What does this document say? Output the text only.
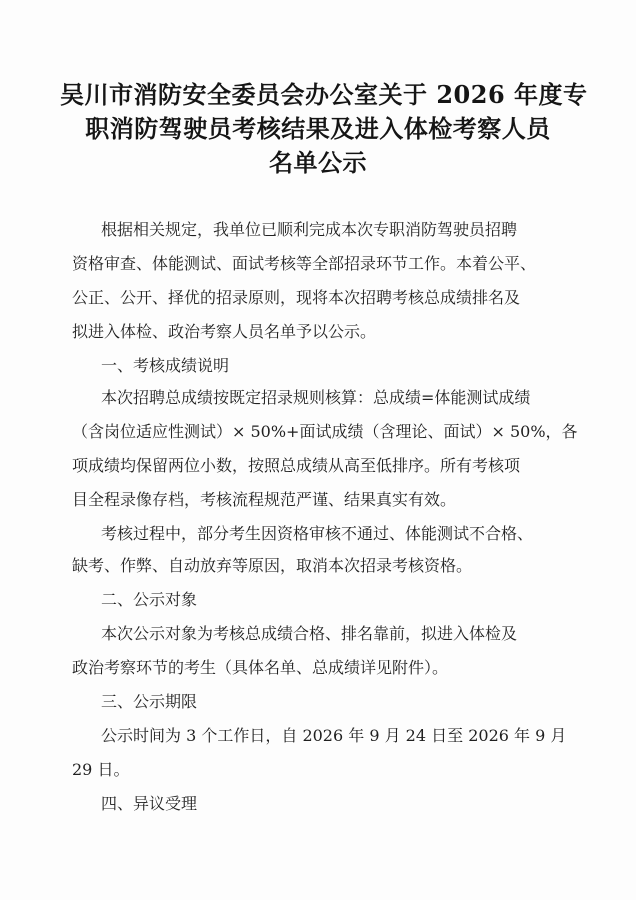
吴川市消防安全委员会办公室关于 2026 年度专
职消防驾驶员考核结果及进入体检考察人员
名单公示
根据相关规定，我单位已顺利完成本次专职消防驾驶员招聘
资格审查、体能测试、面试考核等全部招录环节工作。本着公平、
公正、公开、择优的招录原则，现将本次招聘考核总成绩排名及
拟进入体检、政治考察人员名单予以公示。
一、考核成绩说明
本次招聘总成绩按既定招录规则核算：总成绩=体能测试成绩
（含岗位适应性测试）× 50%+面试成绩（含理论、面试）× 50%，各
项成绩均保留两位小数，按照总成绩从高至低排序。所有考核项
目全程录像存档，考核流程规范严谨、结果真实有效。
考核过程中，部分考生因资格审核不通过、体能测试不合格、
缺考、作弊、自动放弃等原因，取消本次招录考核资格。
二、公示对象
本次公示对象为考核总成绩合格、排名靠前，拟进入体检及
政治考察环节的考生（具体名单、总成绩详见附件）。
三、公示期限
公示时间为 3 个工作日，自 2026 年 9 月 24 日至 2026 年 9 月
29 日。
四、异议受理
